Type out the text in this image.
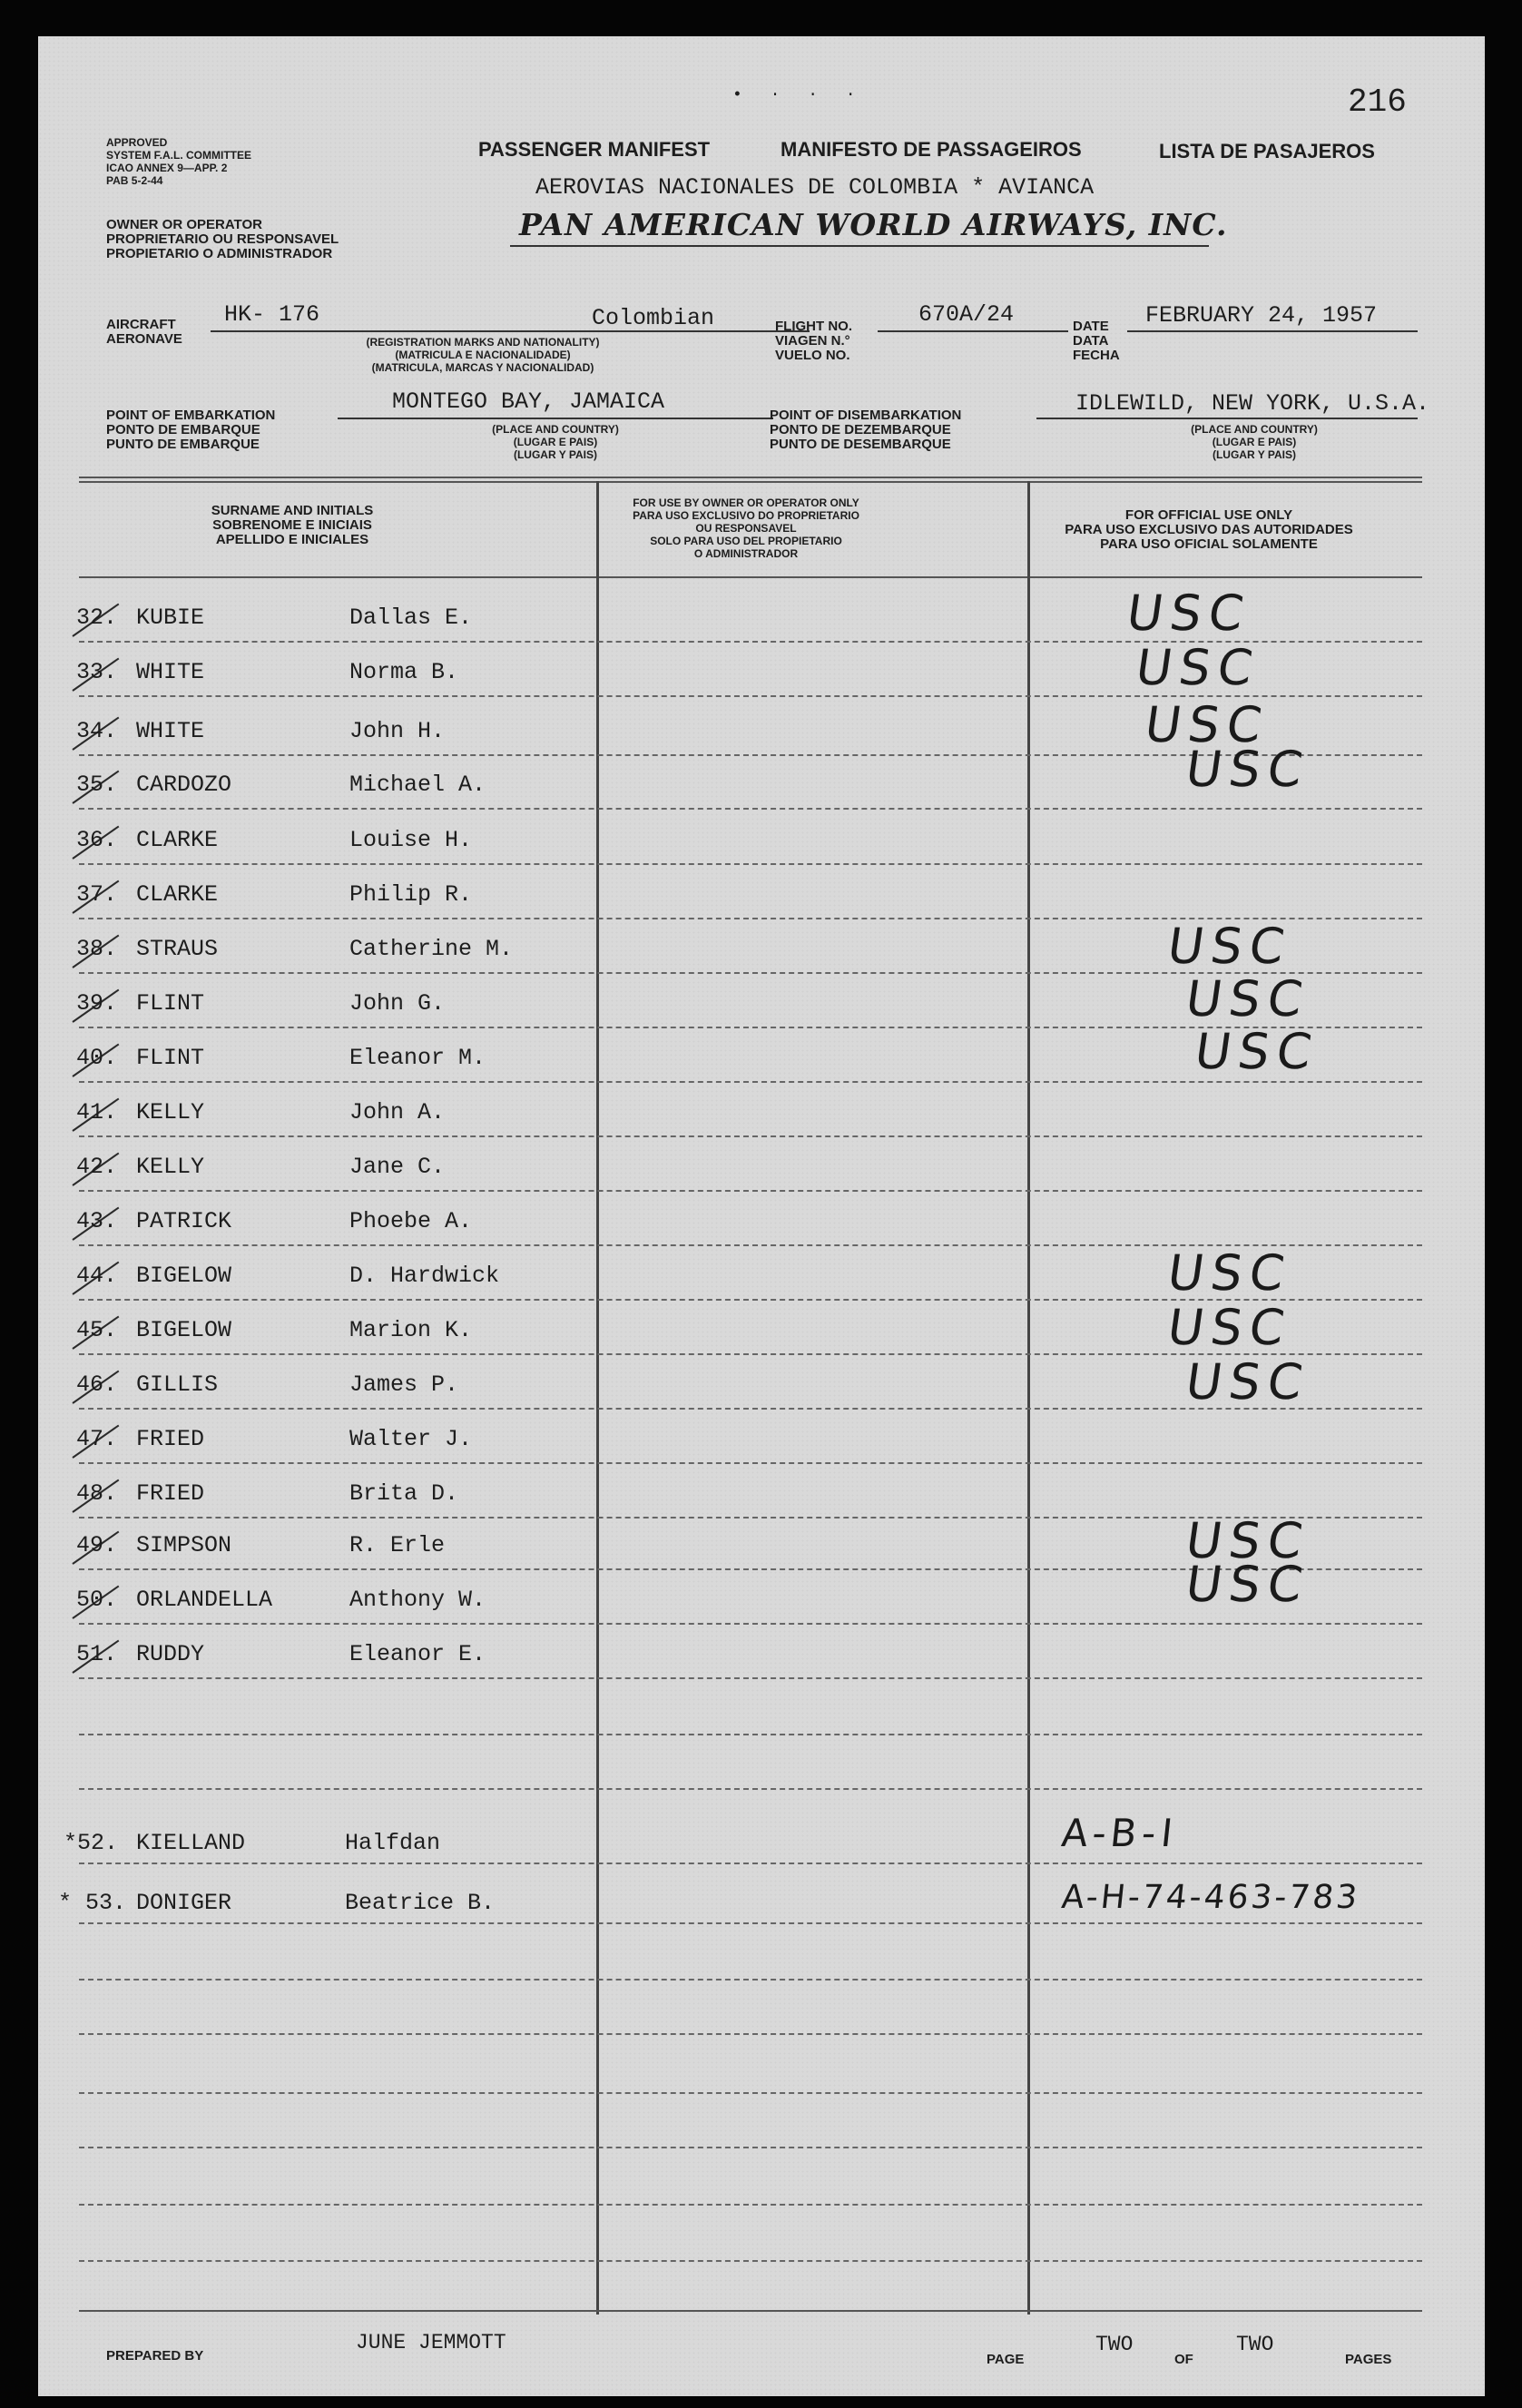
216
• · · ·
APPROVED
SYSTEM F.A.L. COMMITTEE
ICAO ANNEX 9—APP. 2
PAB 5-2-44
OWNER OR OPERATOR
PROPRIETARIO OU RESPONSAVEL
PROPIETARIO O ADMINISTRADOR
PASSENGER MANIFEST	MANIFESTO DE PASSAGEIROS	LISTA DE PASAJEROS
AEROVIAS NACIONALES DE COLOMBIA * AVIANCA
PAN AMERICAN WORLD AIRWAYS, INC.
AIRCRAFT
AERONAVE
HK- 176	Colombian
(REGISTRATION MARKS AND NATIONALITY)
(MATRICULA E NACIONALIDADE)
(MATRICULA, MARCAS Y NACIONALIDAD)
FLIGHT NO.
VIAGEN N.°
VUELO NO.
670A/24	DATE
DATA
FECHA
FEBRUARY 24, 1957
POINT OF EMBARKATION
PONTO DE EMBARQUE
PUNTO DE EMBARQUE
MONTEGO BAY, JAMAICA
(PLACE AND COUNTRY)
(LUGAR E PAIS)
(LUGAR Y PAIS)
POINT OF DISEMBARKATION
PONTO DE DEZEMBARQUE
PUNTO DE DESEMBARQUE
IDLEWILD, NEW YORK, U.S.A.
(PLACE AND COUNTRY)
(LUGAR E PAIS)
(LUGAR Y PAIS)
SURNAME AND INITIALS
SOBRENOME E INICIAIS
APELLIDO E INICIALES
FOR USE BY OWNER OR OPERATOR ONLY
PARA USO EXCLUSIVO DO PROPRIETARIO
OU RESPONSAVEL
SOLO PARA USO DEL PROPIETARIO
O ADMINISTRADOR
FOR OFFICIAL USE ONLY
PARA USO EXCLUSIVO DAS AUTORIDADES
PARA USO OFICIAL SOLAMENTE
32. KUBIE	Dallas E.	USC
33. WHITE	Norma B.	USC
34. WHITE	John H.	USC
35. CARDOZO	Michael A.	USC
36. CLARKE	Louise H.
37. CLARKE	Philip R.
38. STRAUS	Catherine M.	USC
39. FLINT	John G.	USC
40. FLINT	Eleanor M.	USC
41. KELLY	John A.
42. KELLY	Jane C.
43. PATRICK	Phoebe A.
44. BIGELOW	D. Hardwick	USC
45. BIGELOW	Marion K.	USC
46. GILLIS	James P.	USC
47. FRIED	Walter J.
48. FRIED	Brita D.
49. SIMPSON	R. Erle	USC
50. ORLANDELLA	Anthony W.	USC
51. RUDDY	Eleanor E.
*52. KIELLAND	Halfdan	A-B-I
* 53. DONIGER	Beatrice B.	A-H-74-463-783
PREPARED BY
JUNE JEMMOTT
PAGE
TWO
OF
TWO
PAGES
